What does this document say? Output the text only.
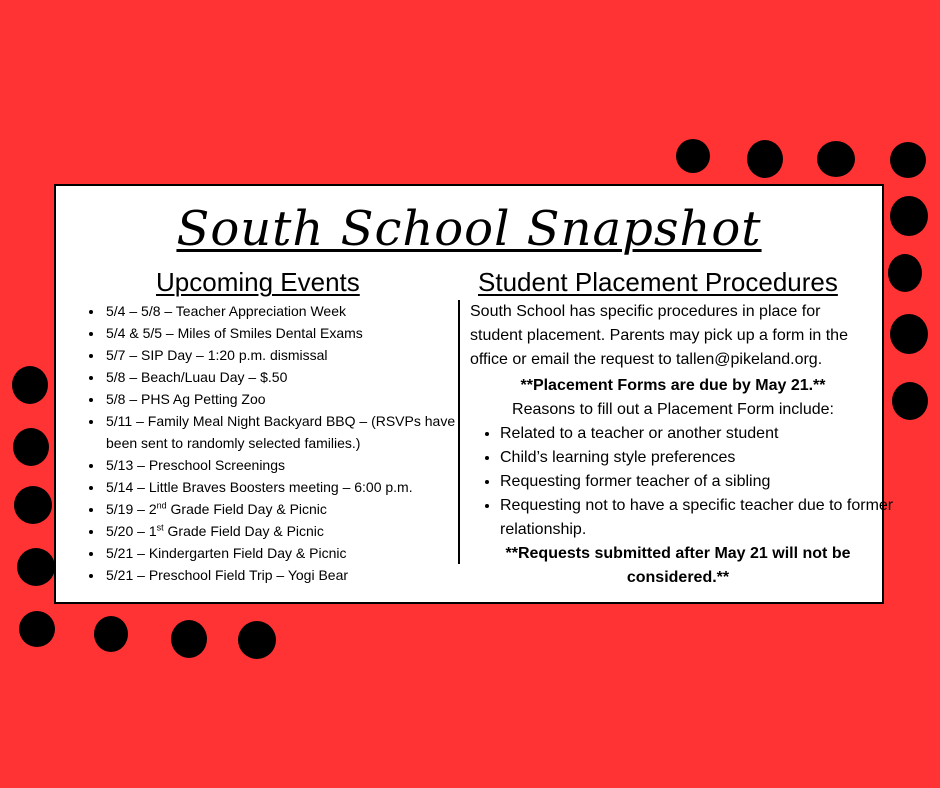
South School Snapshot
Upcoming Events	Student Placement Procedures
• 5/4 – 5/8 – Teacher Appreciation Week
• 5/4 & 5/5 – Miles of Smiles Dental Exams
• 5/7 – SIP Day – 1:20 p.m. dismissal
• 5/8 – Beach/Luau Day – $.50
• 5/8 – PHS Ag Petting Zoo
• 5/11 – Family Meal Night Backyard BBQ – (RSVPs have been sent to randomly selected families.)
• 5/13 – Preschool Screenings
• 5/14 – Little Braves Boosters meeting – 6:00 p.m.
• 5/19 – 2nd Grade Field Day & Picnic
• 5/20 – 1st Grade Field Day & Picnic
• 5/21 – Kindergarten Field Day & Picnic
• 5/21 – Preschool Field Trip – Yogi Bear

South School has specific procedures in place for student placement. Parents may pick up a form in the office or email the request to tallen@pikeland.org.

**Placement Forms are due by May 21.**
Reasons to fill out a Placement Form include:
• Related to a teacher or another student
• Child’s learning style preferences
• Requesting former teacher of a sibling
• Requesting not to have a specific teacher due to former relationship.
**Requests submitted after May 21 will not be considered.**
